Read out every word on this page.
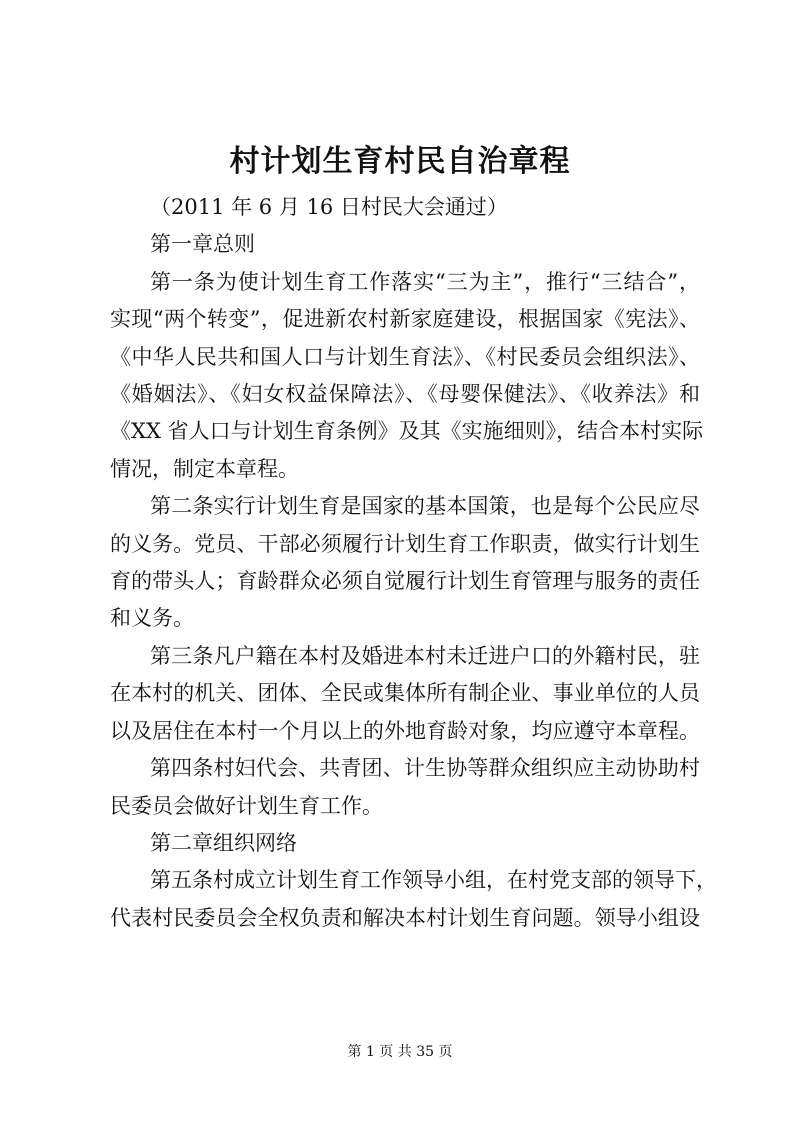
村计划生育村民自治章程

（2011 年 6 月 16 日村民大会通过）

第一章总则

第一条为使计划生育工作落实“三为主”，推行“三结合”，

实现“两个转变”，促进新农村新家庭建设，根据国家《宪法》、

《中华人民共和国人口与计划生育法》、《村民委员会组织法》、

《婚姻法》、《妇女权益保障法》、《母婴保健法》、《收养法》和

《XX 省人口与计划生育条例》及其《实施细则》，结合本村实际

情况，制定本章程。

第二条实行计划生育是国家的基本国策，也是每个公民应尽

的义务。党员、干部必须履行计划生育工作职责，做实行计划生

育的带头人；育龄群众必须自觉履行计划生育管理与服务的责任

和义务。

第三条凡户籍在本村及婚进本村未迁进户口的外籍村民，驻

在本村的机关、团体、全民或集体所有制企业、事业单位的人员

以及居住在本村一个月以上的外地育龄对象，均应遵守本章程。

第四条村妇代会、共青团、计生协等群众组织应主动协助村

民委员会做好计划生育工作。

第二章组织网络

第五条村成立计划生育工作领导小组，在村党支部的领导下，

代表村民委员会全权负责和解决本村计划生育问题。领导小组设

第 1 页 共 35 页
